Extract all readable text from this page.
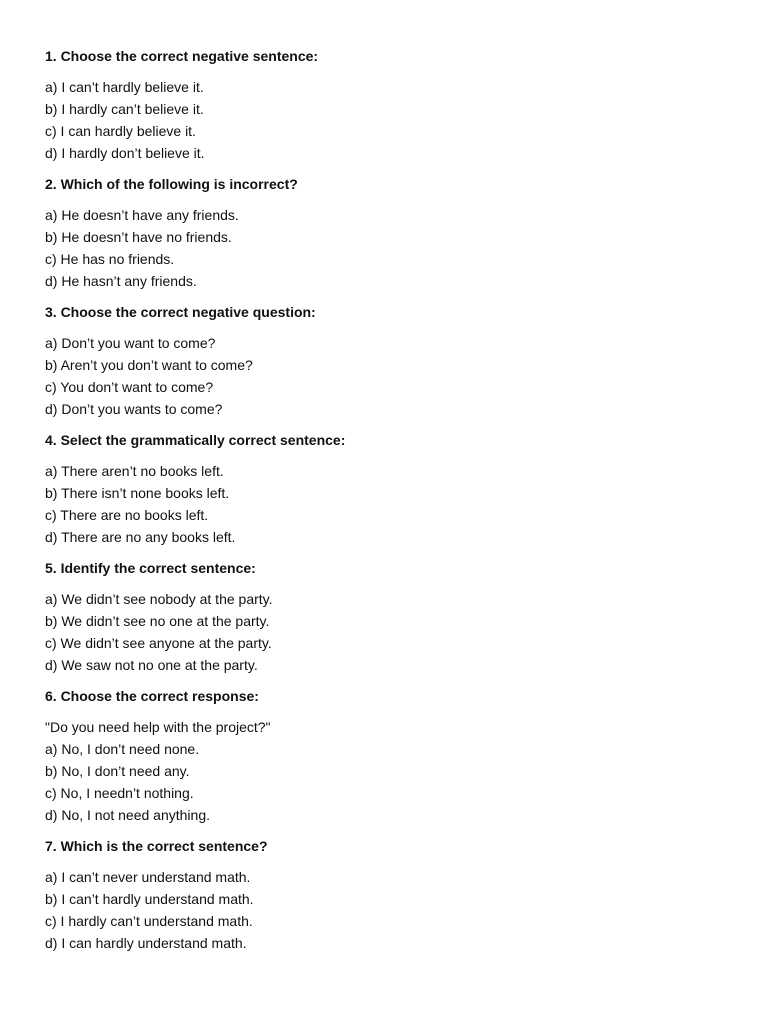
1. Choose the correct negative sentence:

a) I can’t hardly believe it.

b) I hardly can’t believe it.

c) I can hardly believe it.

d) I hardly don’t believe it.

2. Which of the following is incorrect?

a) He doesn’t have any friends.

b) He doesn’t have no friends.

c) He has no friends.

d) He hasn’t any friends.

3. Choose the correct negative question:

a) Don’t you want to come?

b) Aren’t you don’t want to come?

c) You don’t want to come?

d) Don’t you wants to come?

4. Select the grammatically correct sentence:

a) There aren’t no books left.

b) There isn’t none books left.

c) There are no books left.

d) There are no any books left.

5. Identify the correct sentence:

a) We didn’t see nobody at the party.

b) We didn’t see no one at the party.

c) We didn’t see anyone at the party.

d) We saw not no one at the party.

6. Choose the correct response:

"Do you need help with the project?"

a) No, I don’t need none.

b) No, I don’t need any.

c) No, I needn’t nothing.

d) No, I not need anything.

7. Which is the correct sentence?

a) I can’t never understand math.

b) I can’t hardly understand math.

c) I hardly can’t understand math.

d) I can hardly understand math.
